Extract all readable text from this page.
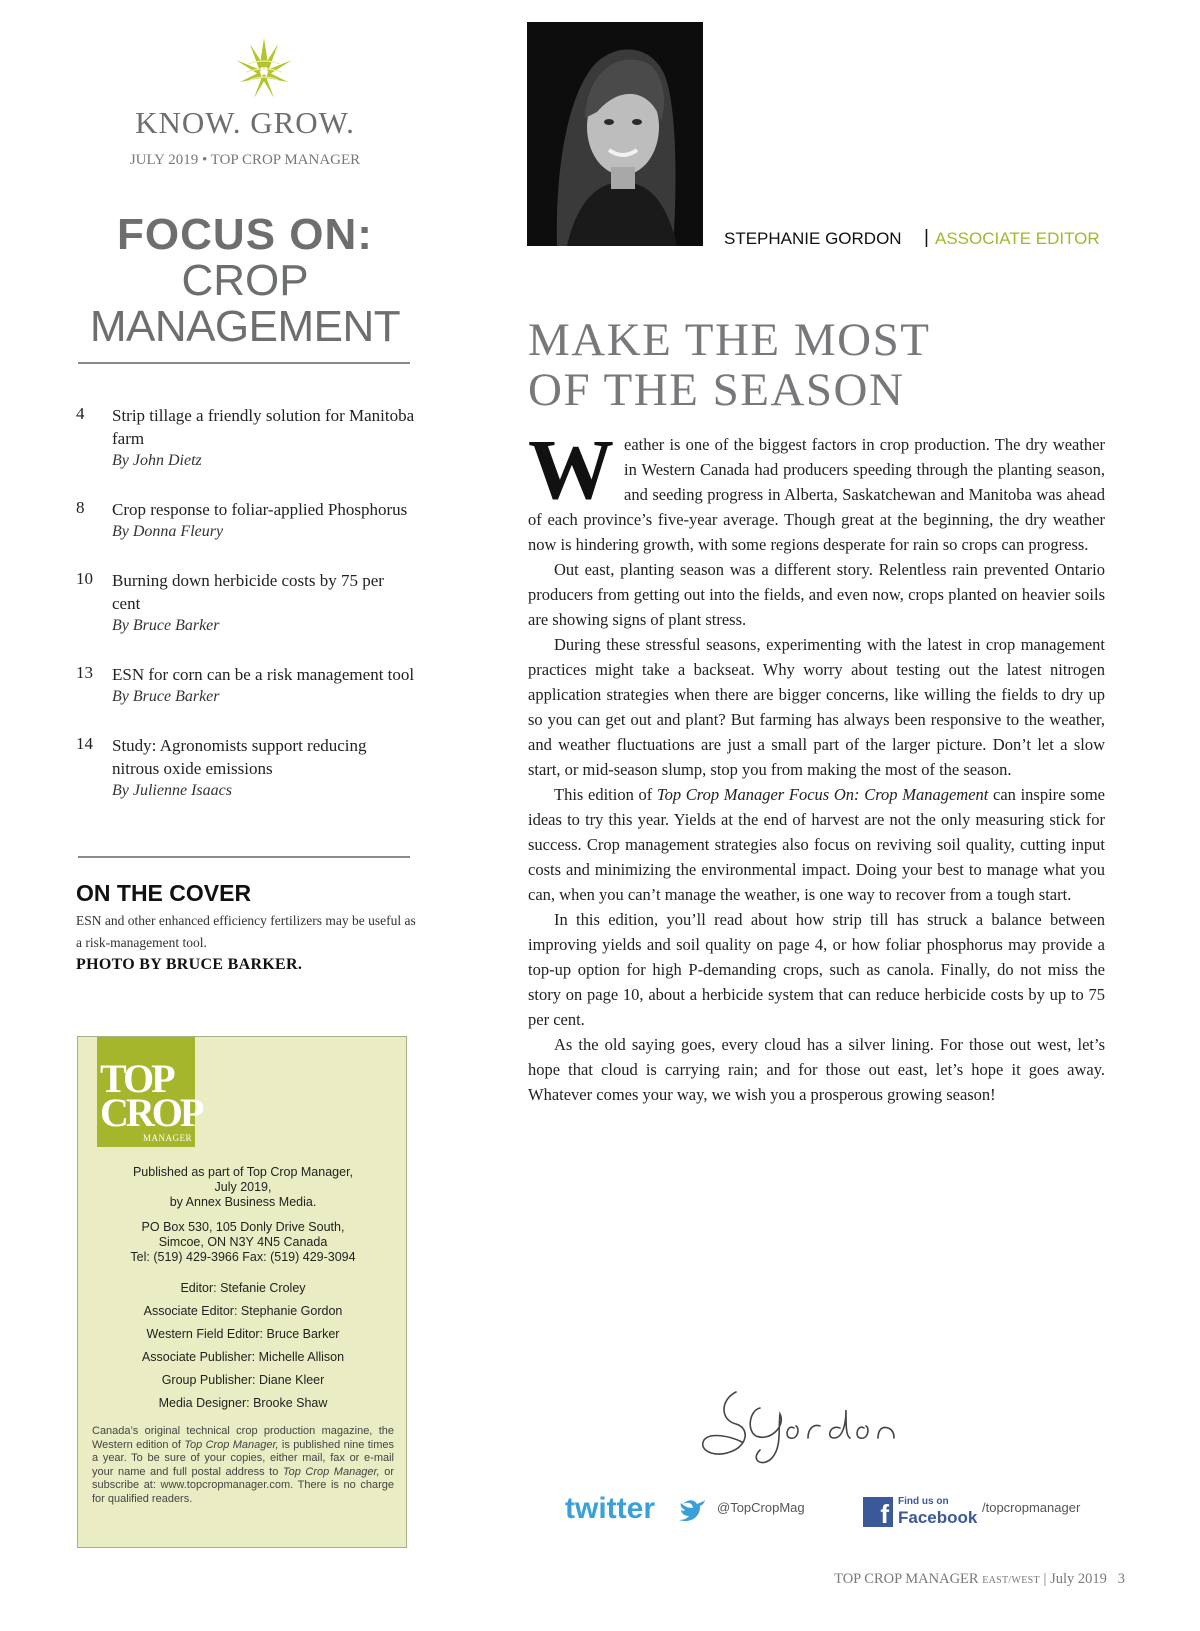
KNOW. GROW.
JULY 2019 • TOP CROP MANAGER
FOCUS ON:
CROP
MANAGEMENT
4 Strip tillage a friendly solution for Manitoba farm
By John Dietz
8 Crop response to foliar-applied Phosphorus
By Donna Fleury
10 Burning down herbicide costs by 75 per cent
By Bruce Barker
13 ESN for corn can be a risk management tool
By Bruce Barker
14 Study: Agronomists support reducing nitrous oxide emissions
By Julienne Isaacs
ON THE COVER
ESN and other enhanced efficiency fertilizers may be useful as a risk-management tool.
PHOTO BY BRUCE BARKER.
TOP
CROP
MANAGER
Published as part of Top Crop Manager,
July 2019,
by Annex Business Media.
PO Box 530, 105 Donly Drive South,
Simcoe, ON N3Y 4N5 Canada
Tel: (519) 429-3966 Fax: (519) 429-3094
Editor: Stefanie Croley
Associate Editor: Stephanie Gordon
Western Field Editor: Bruce Barker
Associate Publisher: Michelle Allison
Group Publisher: Diane Kleer
Media Designer: Brooke Shaw
Canada’s original technical crop production magazine, the Western edition of Top Crop Manager, is published nine times a year. To be sure of your copies, either mail, fax or e-mail your name and full postal address to Top Crop Manager, or subscribe at: www.topcropmanager.com. There is no charge for qualified readers.
STEPHANIE GORDON | ASSOCIATE EDITOR
MAKE THE MOST
OF THE SEASON

Weather is one of the biggest factors in crop production. The dry weather in Western Canada had producers speeding through the planting season, and seeding progress in Alberta, Saskatchewan and Manitoba was ahead of each province’s five-year average. Though great at the beginning, the dry weather now is hindering growth, with some regions desperate for rain so crops can progress.

Out east, planting season was a different story. Relentless rain prevented Ontario producers from getting out into the fields, and even now, crops planted on heavier soils are showing signs of plant stress.

During these stressful seasons, experimenting with the latest in crop management practices might take a backseat. Why worry about testing out the latest nitrogen application strategies when there are bigger concerns, like willing the fields to dry up so you can get out and plant? But farming has always been responsive to the weather, and weather fluctuations are just a small part of the larger picture. Don’t let a slow start, or mid-season slump, stop you from making the most of the season.

This edition of Top Crop Manager Focus On: Crop Management can inspire some ideas to try this year. Yields at the end of harvest are not the only measuring stick for success. Crop management strategies also focus on reviving soil quality, cutting input costs and minimizing the environmental impact. Doing your best to manage what you can, when you can’t manage the weather, is one way to recover from a tough start.

In this edition, you’ll read about how strip till has struck a balance between improving yields and soil quality on page 4, or how foliar phosphorus may provide a top-up option for high P-demanding crops, such as canola. Finally, do not miss the story on page 10, about a herbicide system that can reduce herbicide costs by up to 75 per cent.

As the old saying goes, every cloud has a silver lining. For those out west, let’s hope that cloud is carrying rain; and for those out east, let’s hope it goes away. Whatever comes your way, we wish you a prosperous growing season!

twitter	@TopCropMag	f Find us on
Facebook
/topcropmanager
TOP CROP MANAGER EAST/WEST | July 2019 3
